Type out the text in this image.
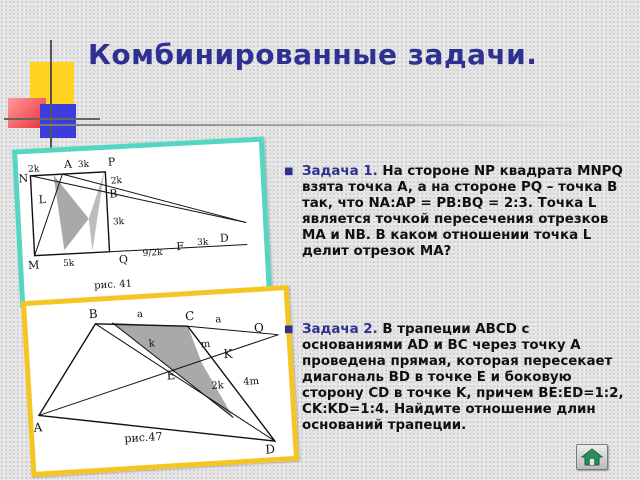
Комбинированные задачи.
2k A 3k P
N
L
2k
B
3k
M	5k	Q 9/2k
F 3k D
рис. 41
B	a	C a
Q
k	m
K
E
2k 4m
A
рис.47
D
■ Задача 1. На стороне NP квадрата MNPQ взята точка A, а на стороне PQ – точка B так, что NA:AP = PB:BQ = 2:3. Точка L является точкой пересечения отрезков MA и NB. В каком отношении точка L делит отрезок MA?
■ Задача 2. В трапеции ABCD с основаниями AD и BC через точку A проведена прямая, которая пересекает диагональ BD в точке E и боковую сторону CD в точке K, причем BE:ED=1:2, CK:KD=1:4. Найдите отношение длин оснований трапеции.
